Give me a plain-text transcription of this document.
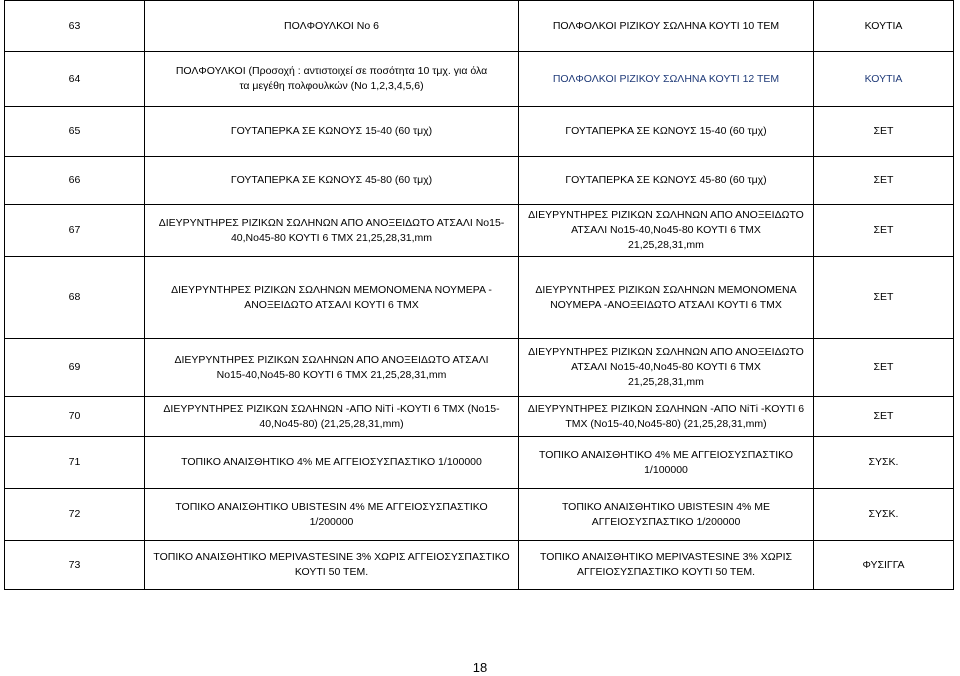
63	ΠΟΛΦΟΥΛΚΟΙ Νο 6	ΠΟΛΦΟΛΚΟΙ ΡΙΖΙΚΟΥ ΣΩΛΗΝΑ ΚΟΥΤΙ 10 ΤΕΜ	ΚΟΥΤΙΑ
64	ΠΟΛΦΟΥΛΚΟΙ (Προσοχή : αντιστοιχεί σε ποσότητα 10 τμχ. για όλα
τα μεγέθη πολφουλκών (Νο 1,2,3,4,5,6)	ΠΟΛΦΟΛΚΟΙ ΡΙΖΙΚΟΥ ΣΩΛΗΝΑ ΚΟΥΤΙ 12 ΤΕΜ	ΚΟΥΤΙΑ
65	ΓΟΥΤΑΠΕΡΚΑ ΣΕ ΚΩΝΟΥΣ 15-40 (60 τμχ)	ΓΟΥΤΑΠΕΡΚΑ ΣΕ ΚΩΝΟΥΣ 15-40 (60 τμχ)	ΣΕΤ
66	ΓΟΥΤΑΠΕΡΚΑ ΣΕ ΚΩΝΟΥΣ 45-80 (60 τμχ)	ΓΟΥΤΑΠΕΡΚΑ ΣΕ ΚΩΝΟΥΣ 45-80 (60 τμχ)	ΣΕΤ
67	ΔΙΕΥΡΥΝΤΗΡΕΣ ΡΙΖΙΚΩΝ ΣΩΛΗΝΩΝ ΑΠΟ ΑΝΟΞΕΙΔΩΤΟ ΑΤΣΑΛΙ Νο15-
40,Νο45-80 ΚΟΥΤΙ 6 ΤΜΧ 21,25,28,31,mm	ΔΙΕΥΡΥΝΤΗΡΕΣ ΡΙΖΙΚΩΝ ΣΩΛΗΝΩΝ ΑΠΟ ΑΝΟΞΕΙΔΩΤΟ
ΑΤΣΑΛΙ Νο15-40,Νο45-80 ΚΟΥΤΙ 6 ΤΜΧ
21,25,28,31,mm	ΣΕΤ
68	ΔΙΕΥΡΥΝΤΗΡΕΣ ΡΙΖΙΚΩΝ ΣΩΛΗΝΩΝ ΜΕΜΟΝΟΜΕΝΑ ΝΟΥΜΕΡΑ -
ΑΝΟΞΕΙΔΩΤΟ ΑΤΣΑΛΙ ΚΟΥΤΙ 6 ΤΜΧ	ΔΙΕΥΡΥΝΤΗΡΕΣ ΡΙΖΙΚΩΝ ΣΩΛΗΝΩΝ ΜΕΜΟΝΟΜΕΝΑ
ΝΟΥΜΕΡΑ -ΑΝΟΞΕΙΔΩΤΟ ΑΤΣΑΛΙ ΚΟΥΤΙ 6 ΤΜΧ	ΣΕΤ
69	ΔΙΕΥΡΥΝΤΗΡΕΣ ΡΙΖΙΚΩΝ ΣΩΛΗΝΩΝ ΑΠΟ ΑΝΟΞΕΙΔΩΤΟ ΑΤΣΑΛΙ
Νο15-40,Νο45-80 ΚΟΥΤΙ 6 ΤΜΧ 21,25,28,31,mm	ΔΙΕΥΡΥΝΤΗΡΕΣ ΡΙΖΙΚΩΝ ΣΩΛΗΝΩΝ ΑΠΟ ΑΝΟΞΕΙΔΩΤΟ
ΑΤΣΑΛΙ Νο15-40,Νο45-80 ΚΟΥΤΙ 6 ΤΜΧ
21,25,28,31,mm	ΣΕΤ
70	ΔΙΕΥΡΥΝΤΗΡΕΣ ΡΙΖΙΚΩΝ ΣΩΛΗΝΩΝ -ΑΠΟ ΝiΤi -ΚΟΥΤΙ 6 ΤΜΧ (Νο15-
40,Νο45-80) (21,25,28,31,mm)	ΔΙΕΥΡΥΝΤΗΡΕΣ ΡΙΖΙΚΩΝ ΣΩΛΗΝΩΝ -ΑΠΟ ΝiΤi -ΚΟΥΤΙ 6
ΤΜΧ (Νο15-40,Νο45-80) (21,25,28,31,mm)	ΣΕΤ
71	ΤΟΠΙΚΟ ΑΝΑΙΣΘΗΤΙΚΟ 4% ΜΕ ΑΓΓΕΙΟΣΥΣΠΑΣΤΙΚΟ 1/100000	ΤΟΠΙΚΟ ΑΝΑΙΣΘΗΤΙΚΟ 4% ΜΕ ΑΓΓΕΙΟΣΥΣΠΑΣΤΙΚΟ
1/100000	ΣΥΣΚ.
72	ΤΟΠΙΚΟ ΑΝΑΙΣΘΗΤΙΚΟ UBISTESIN 4% ΜΕ ΑΓΓΕΙΟΣΥΣΠΑΣΤΙΚΟ
1/200000	ΤΟΠΙΚΟ ΑΝΑΙΣΘΗΤΙΚΟ UBISTESIN 4% ΜΕ
ΑΓΓΕΙΟΣΥΣΠΑΣΤΙΚΟ 1/200000	ΣΥΣΚ.
73	ΤΟΠΙΚΟ ΑΝΑΙΣΘΗΤΙΚΟ MEPIVASTESINE 3% ΧΩΡΙΣ ΑΓΓΕΙΟΣΥΣΠΑΣΤΙΚΟ
ΚΟΥΤΙ 50 ΤΕΜ.	ΤΟΠΙΚΟ ΑΝΑΙΣΘΗΤΙΚΟ MEPIVASTESINE 3% ΧΩΡΙΣ
ΑΓΓΕΙΟΣΥΣΠΑΣΤΙΚΟ ΚΟΥΤΙ 50 ΤΕΜ.	ΦΥΣΙΓΓΑ
18
